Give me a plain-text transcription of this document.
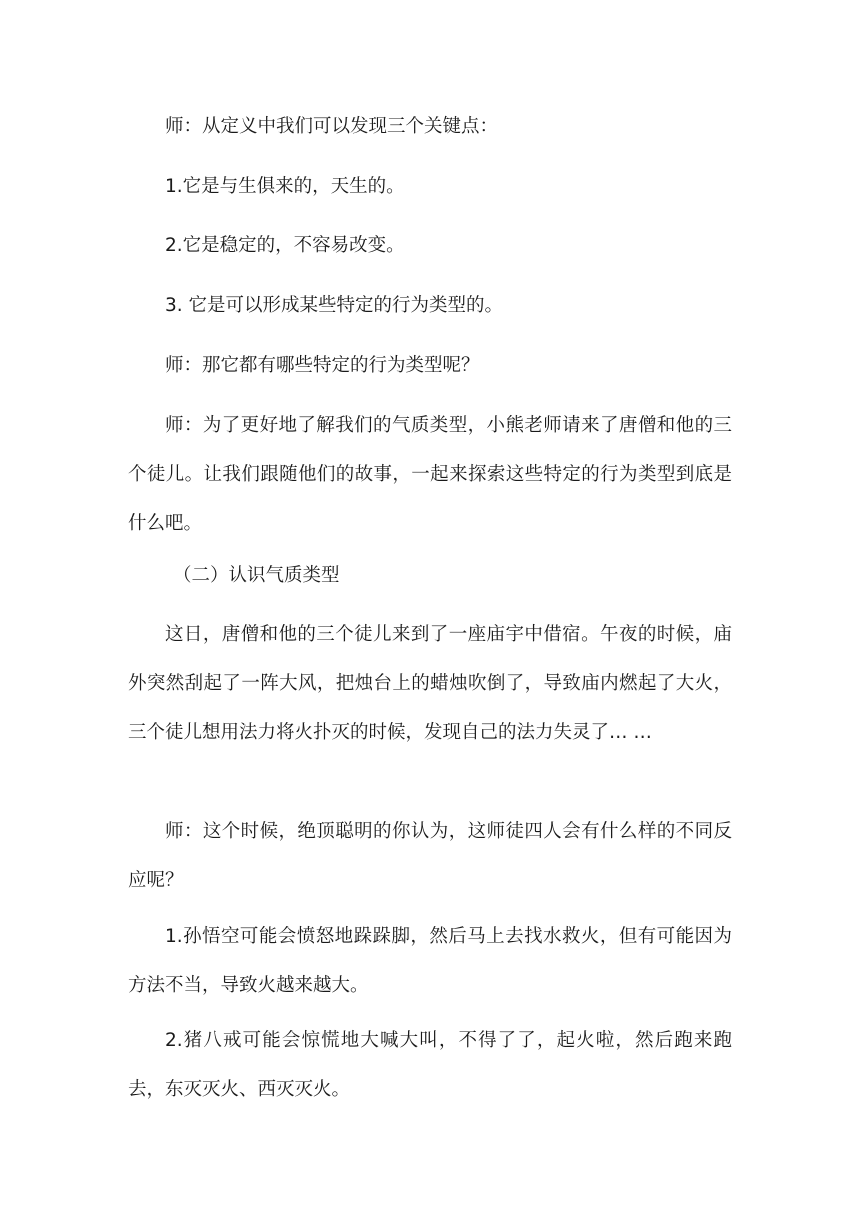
师：从定义中我们可以发现三个关键点：

1.它是与生俱来的，天生的。

2.它是稳定的，不容易改变。

3. 它是可以形成某些特定的行为类型的。

师：那它都有哪些特定的行为类型呢？

师：为了更好地了解我们的气质类型，小熊老师请来了唐僧和他的三个徒儿。让我们跟随他们的故事，一起来探索这些特定的行为类型到底是什么吧。

（二）认识气质类型

这日，唐僧和他的三个徒儿来到了一座庙宇中借宿。午夜的时候，庙外突然刮起了一阵大风，把烛台上的蜡烛吹倒了，导致庙内燃起了大火，三个徒儿想用法力将火扑灭的时候，发现自己的法力失灵了… …

师：这个时候，绝顶聪明的你认为，这师徒四人会有什么样的不同反应呢？

1.孙悟空可能会愤怒地跺跺脚，然后马上去找水救火，但有可能因为方法不当，导致火越来越大。

2.猪八戒可能会惊慌地大喊大叫，不得了了，起火啦，然后跑来跑去，东灭灭火、西灭灭火。
